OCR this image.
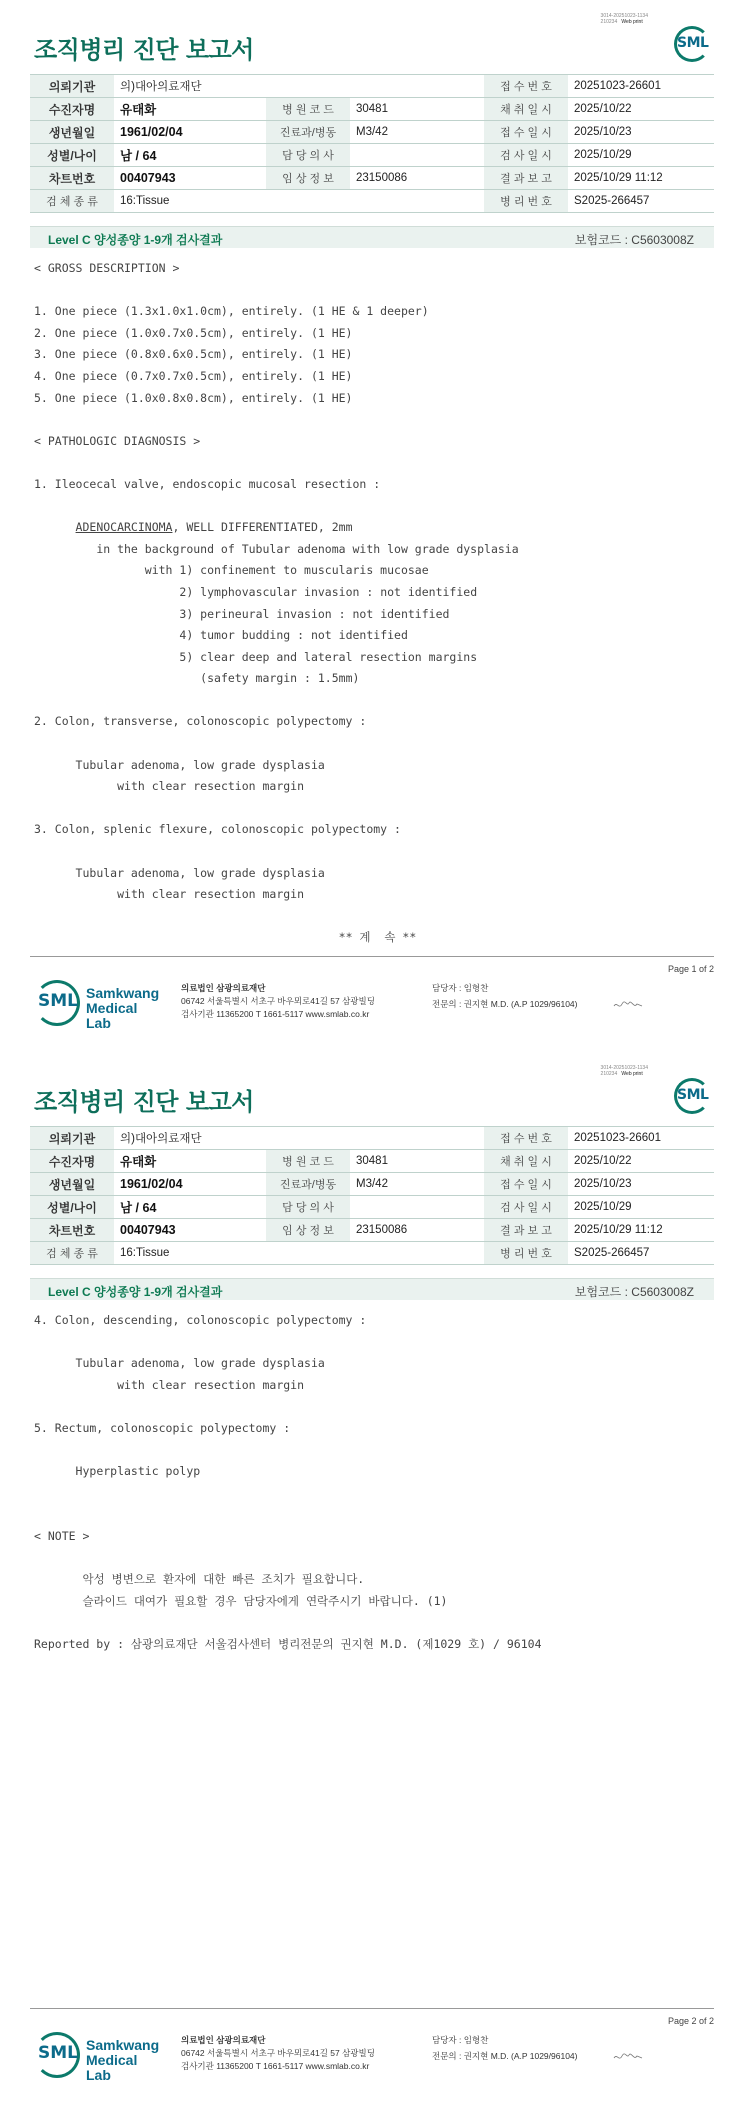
3014-20251023-1134
210234 Web print
SML
조직병리 진단 보고서
의뢰기관	의)대아의료재단			접 수 번 호	20251023-26601
수진자명	유태화	병 원 코 드	30481	채 취 일 시	2025/10/22
생년월일	1961/02/04	진료과/병동	M3/42	접 수 일 시	2025/10/23
성별/나이	남 / 64	담 당 의 사		검 사 일 시	2025/10/29
차트번호	00407943	임 상 정 보	23150086	결 과 보 고	2025/10/29 11:12
검 체 종 류	16:Tissue			병 리 번 호	S2025-266457
Level C 양성종양 1-9개 검사결과	보험코드 : C5603008Z
< GROSS DESCRIPTION >

1. One piece (1.3x1.0x1.0cm), entirely. (1 HE & 1 deeper)
2. One piece (1.0x0.7x0.5cm), entirely. (1 HE)
3. One piece (0.8x0.6x0.5cm), entirely. (1 HE)
4. One piece (0.7x0.7x0.5cm), entirely. (1 HE)
5. One piece (1.0x0.8x0.8cm), entirely. (1 HE)

< PATHOLOGIC DIAGNOSIS >

1. Ileocecal valve, endoscopic mucosal resection :

ADENOCARCINOMA, WELL DIFFERENTIATED, 2mm
in the background of Tubular adenoma with low grade dysplasia
with 1) confinement to muscularis mucosae
2) lymphovascular invasion : not identified
3) perineural invasion : not identified
4) tumor budding : not identified
5) clear deep and lateral resection margins
(safety margin : 1.5mm)

2. Colon, transverse, colonoscopic polypectomy :

Tubular adenoma, low grade dysplasia
with clear resection margin

3. Colon, splenic flexure, colonoscopic polypectomy :

Tubular adenoma, low grade dysplasia
with clear resection margin

** 계  속 **
Page 1 of 2
SML Samkwang
Medical Lab
의료법인 삼광의료재단
06742 서울특별시 서초구 바우뫼로41길 57 삼광빌딩
검사기관 11365200 T 1661-5117 www.smlab.co.kr
담당자 : 임형찬
전문의 : 권지현 M.D. (A.P 1029/96104)
3014-20251023-1134
210234 Web print
SML
조직병리 진단 보고서
의뢰기관	의)대아의료재단			접 수 번 호	20251023-26601
수진자명	유태화	병 원 코 드	30481	채 취 일 시	2025/10/22
생년월일	1961/02/04	진료과/병동	M3/42	접 수 일 시	2025/10/23
성별/나이	남 / 64	담 당 의 사		검 사 일 시	2025/10/29
차트번호	00407943	임 상 정 보	23150086	결 과 보 고	2025/10/29 11:12
검 체 종 류	16:Tissue			병 리 번 호	S2025-266457
Level C 양성종양 1-9개 검사결과	보험코드 : C5603008Z
4. Colon, descending, colonoscopic polypectomy :

Tubular adenoma, low grade dysplasia
with clear resection margin

5. Rectum, colonoscopic polypectomy :

Hyperplastic polyp

< NOTE >

악성 병변으로 환자에 대한 빠른 조치가 필요합니다.
슬라이드 대여가 필요할 경우 담당자에게 연락주시기 바랍니다. (1)

Reported by : 삼광의료재단 서울검사센터 병리전문의 권지현 M.D. (제1029 호) / 96104
Page 2 of 2
SML Samkwang
Medical Lab
의료법인 삼광의료재단
06742 서울특별시 서초구 바우뫼로41길 57 삼광빌딩
검사기관 11365200 T 1661-5117 www.smlab.co.kr
담당자 : 임형찬
전문의 : 권지현 M.D. (A.P 1029/96104)
